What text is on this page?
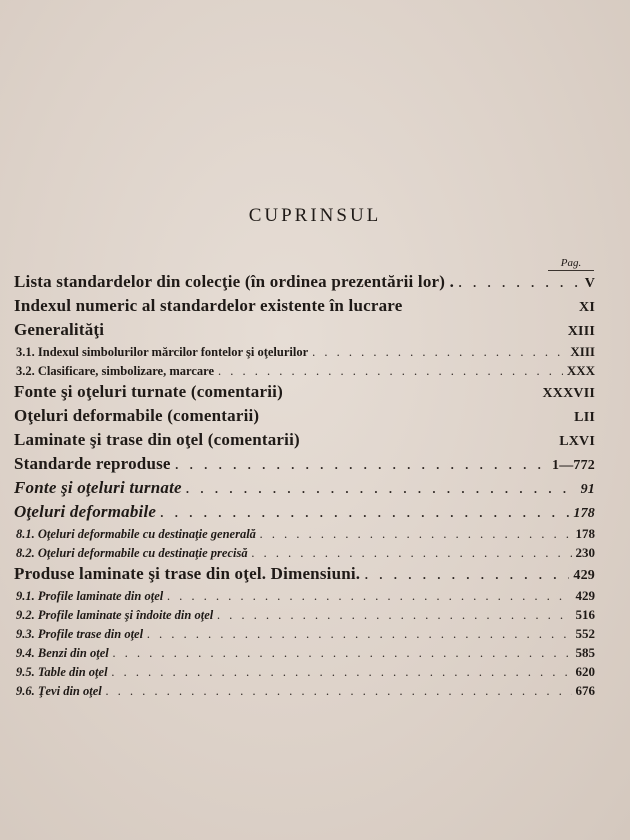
CUPRINSUL
Pag.
Lista standardelor din colecţie (în ordinea prezentării lor) . . . .	V
Indexul numeric al standardelor existente în lucrare	XI
Generalităţi	XIII
3.1. Indexul simbolurilor mărcilor fontelor şi oţelurilor . . .	XIII
3.2. Clasificare, simbolizare, marcare . . .	XXX
Fonte şi oţeluri turnate (comentarii)	XXXVII
Oţeluri deformabile (comentarii)	LII
Laminate şi trase din oţel (comentarii)	LXVI
Standarde reproduse . . .	1—772
Fonte şi oţeluri turnate . . .	91
Oţeluri deformabile . . .	178
8.1. Oţeluri deformabile cu destinaţie generală . . .	178
8.2. Oţeluri deformabile cu destinaţie precisă . . .	230
Produse laminate şi trase din oţel. Dimensiuni. . . .	429
9.1. Profile laminate din oţel . . .	429
9.2. Profile laminate şi îndoite din oţel . . .	516
9.3. Profile trase din oţel . . .	552
9.4. Benzi din oţel . . .	585
9.5. Table din oţel . . .	620
9.6. Ţevi din oţel . . .	676
